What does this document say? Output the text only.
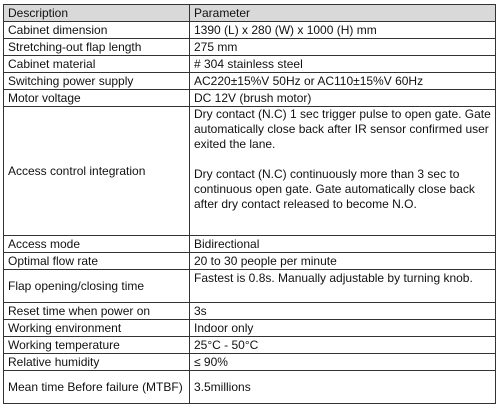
Description	Parameter
Cabinet dimension	1390 (L) x 280 (W) x 1000 (H) mm
Stretching-out flap length	275 mm
Cabinet material	# 304 stainless steel
Switching power supply	AC220±15%V 50Hz or AC110±15%V 60Hz
Motor voltage	DC 12V (brush motor)
Access control integration	Dry contact (N.C) 1 sec trigger pulse to open gate. Gate automatically close back after IR sensor confirmed user exited the lane.
Dry contact (N.C) continuously more than 3 sec to continuous open gate. Gate automatically close back after dry contact released to become N.O.

Access mode	Bidirectional
Optimal flow rate	20 to 30 people per minute
Flap opening/closing time	Fastest is 0.8s. Manually adjustable by turning knob.
Reset time when power on	3s
Working environment	Indoor only
Working temperature	25°C - 50°C
Relative humidity	≤ 90%
Mean time Before failure (MTBF)	3.5millions
